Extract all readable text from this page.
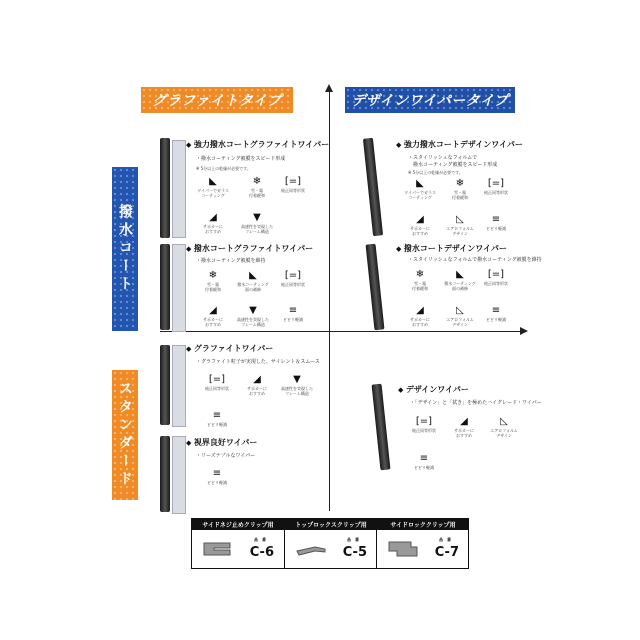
グラファイトタイプ	デザインワイパータイプ
撥水コート
スタンダード
◆ 強力撥水コートグラファイトワイパー
・撥水コーティング被膜をスピード形成
※ 5分以上の乾燥が必要です。
◣
ワイパーでガラス
コーティング
❄
雪・霜
付着緩和
[=]
純正同等形状
◢
サポカーに
おすすめ
▼
高速性を実現した
フレーム構造
◆ 撥水コートグラファイトワイパー
・撥水コーティング被膜を維持
❄
雪・霜
付着緩和
◣
撥水コーティング
面の補修
[=]
純正同等形状
◢
サポカーに
おすすめ
▼
高速性を実現した
フレーム構造
≡
ビビリ軽減
◆ グラファイトワイパー
・グラファイト粒子が実現した、サイレント＆スムース
[=]
純正同等形状
◢
サポカーに
おすすめ
▼
高速性を実現した
フレーム構造
≡
ビビリ軽減
◆ 視界良好ワイパー
・リーズナブルなワイパー
≡
ビビリ軽減
◆ 強力撥水コートデザインワイパー
・スタイリッシュなフォルムで
　撥水コーティング被膜をスピード形成
※ 5分以上の乾燥が必要です。
◣
ワイパーでガラス
コーティング
❄
雪・霜
付着緩和
[=]
純正同等形状
◢
サポカーに
おすすめ
◺
エアロフォルム
デザイン
≡
ビビリ軽減
◆ 撥水コートデザインワイパー
・スタイリッシュなフォルムで撥水コーティング被膜を維持
❄
雪・霜
付着緩和
◣
撥水コーティング
面の補修
[=]
純正同等形状
◢
サポカーに
おすすめ
◺
エアロフォルム
デザイン
≡
ビビリ軽減
◆ デザインワイパー
・「デザイン」と「拭き」を極めたハイグレード・ワイパー
[=]
純正同等形状
◢
サポカーに
おすすめ
◺
エアロフォルム
デザイン
≡
ビビリ軽減
サイドネジ止めクリップ用
品　番
C-6
トップロックスクリップ用
品　番
C-5
サイドロッククリップ用
品　番
C-7
